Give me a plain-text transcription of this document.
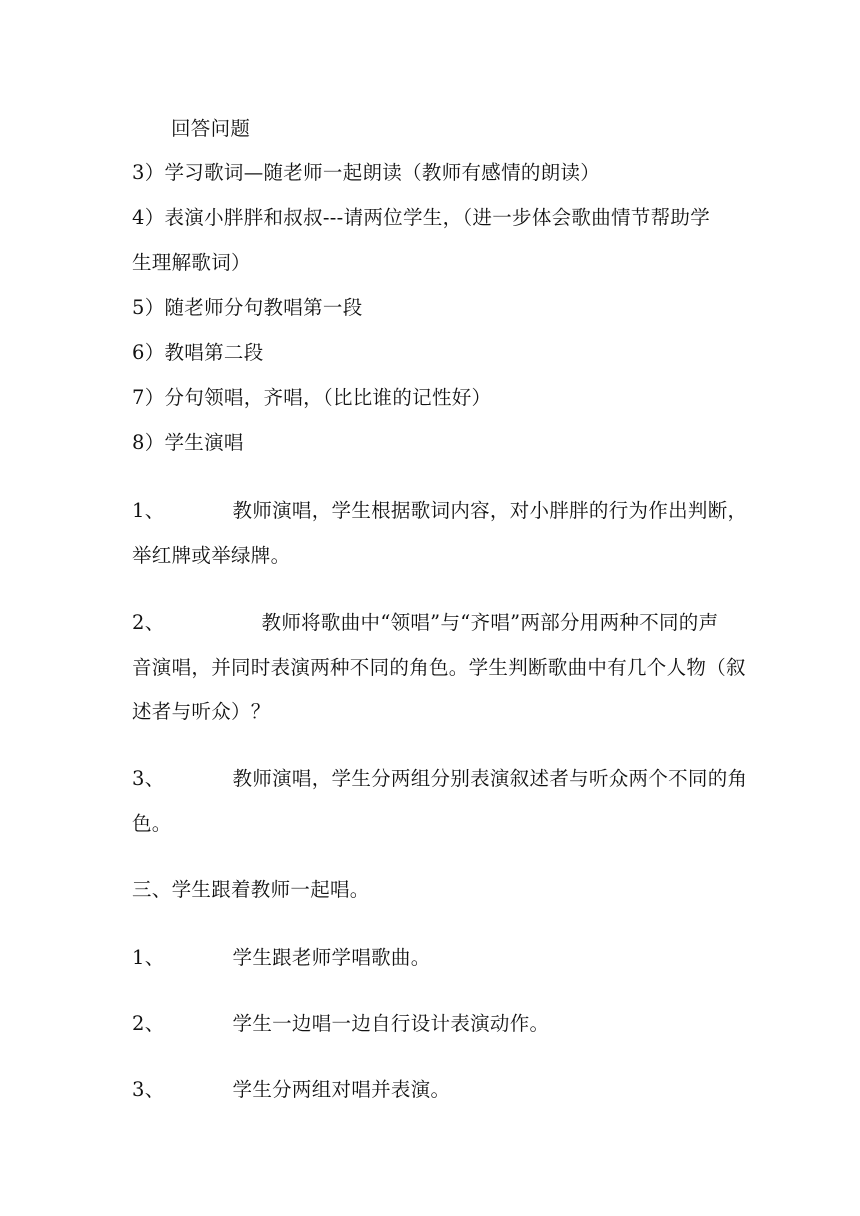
回答问题
3）学习歌词—随老师一起朗读（教师有感情的朗读）
4）表演小胖胖和叔叔---请两位学生，（进一步体会歌曲情节帮助学
生理解歌词）
5）随老师分句教唱第一段
6）教唱第二段
7）分句领唱，齐唱，（比比谁的记性好）
8）学生演唱
1、	教师演唱，学生根据歌词内容，对小胖胖的行为作出判断，
举红牌或举绿牌。
2、	教师将歌曲中“领唱”与“齐唱”两部分用两种不同的声
音演唱，并同时表演两种不同的角色。学生判断歌曲中有几个人物（叙
述者与听众）？
3、	教师演唱，学生分两组分别表演叙述者与听众两个不同的角
色。
三、学生跟着教师一起唱。
1、	学生跟老师学唱歌曲。
2、	学生一边唱一边自行设计表演动作。
3、	学生分两组对唱并表演。
